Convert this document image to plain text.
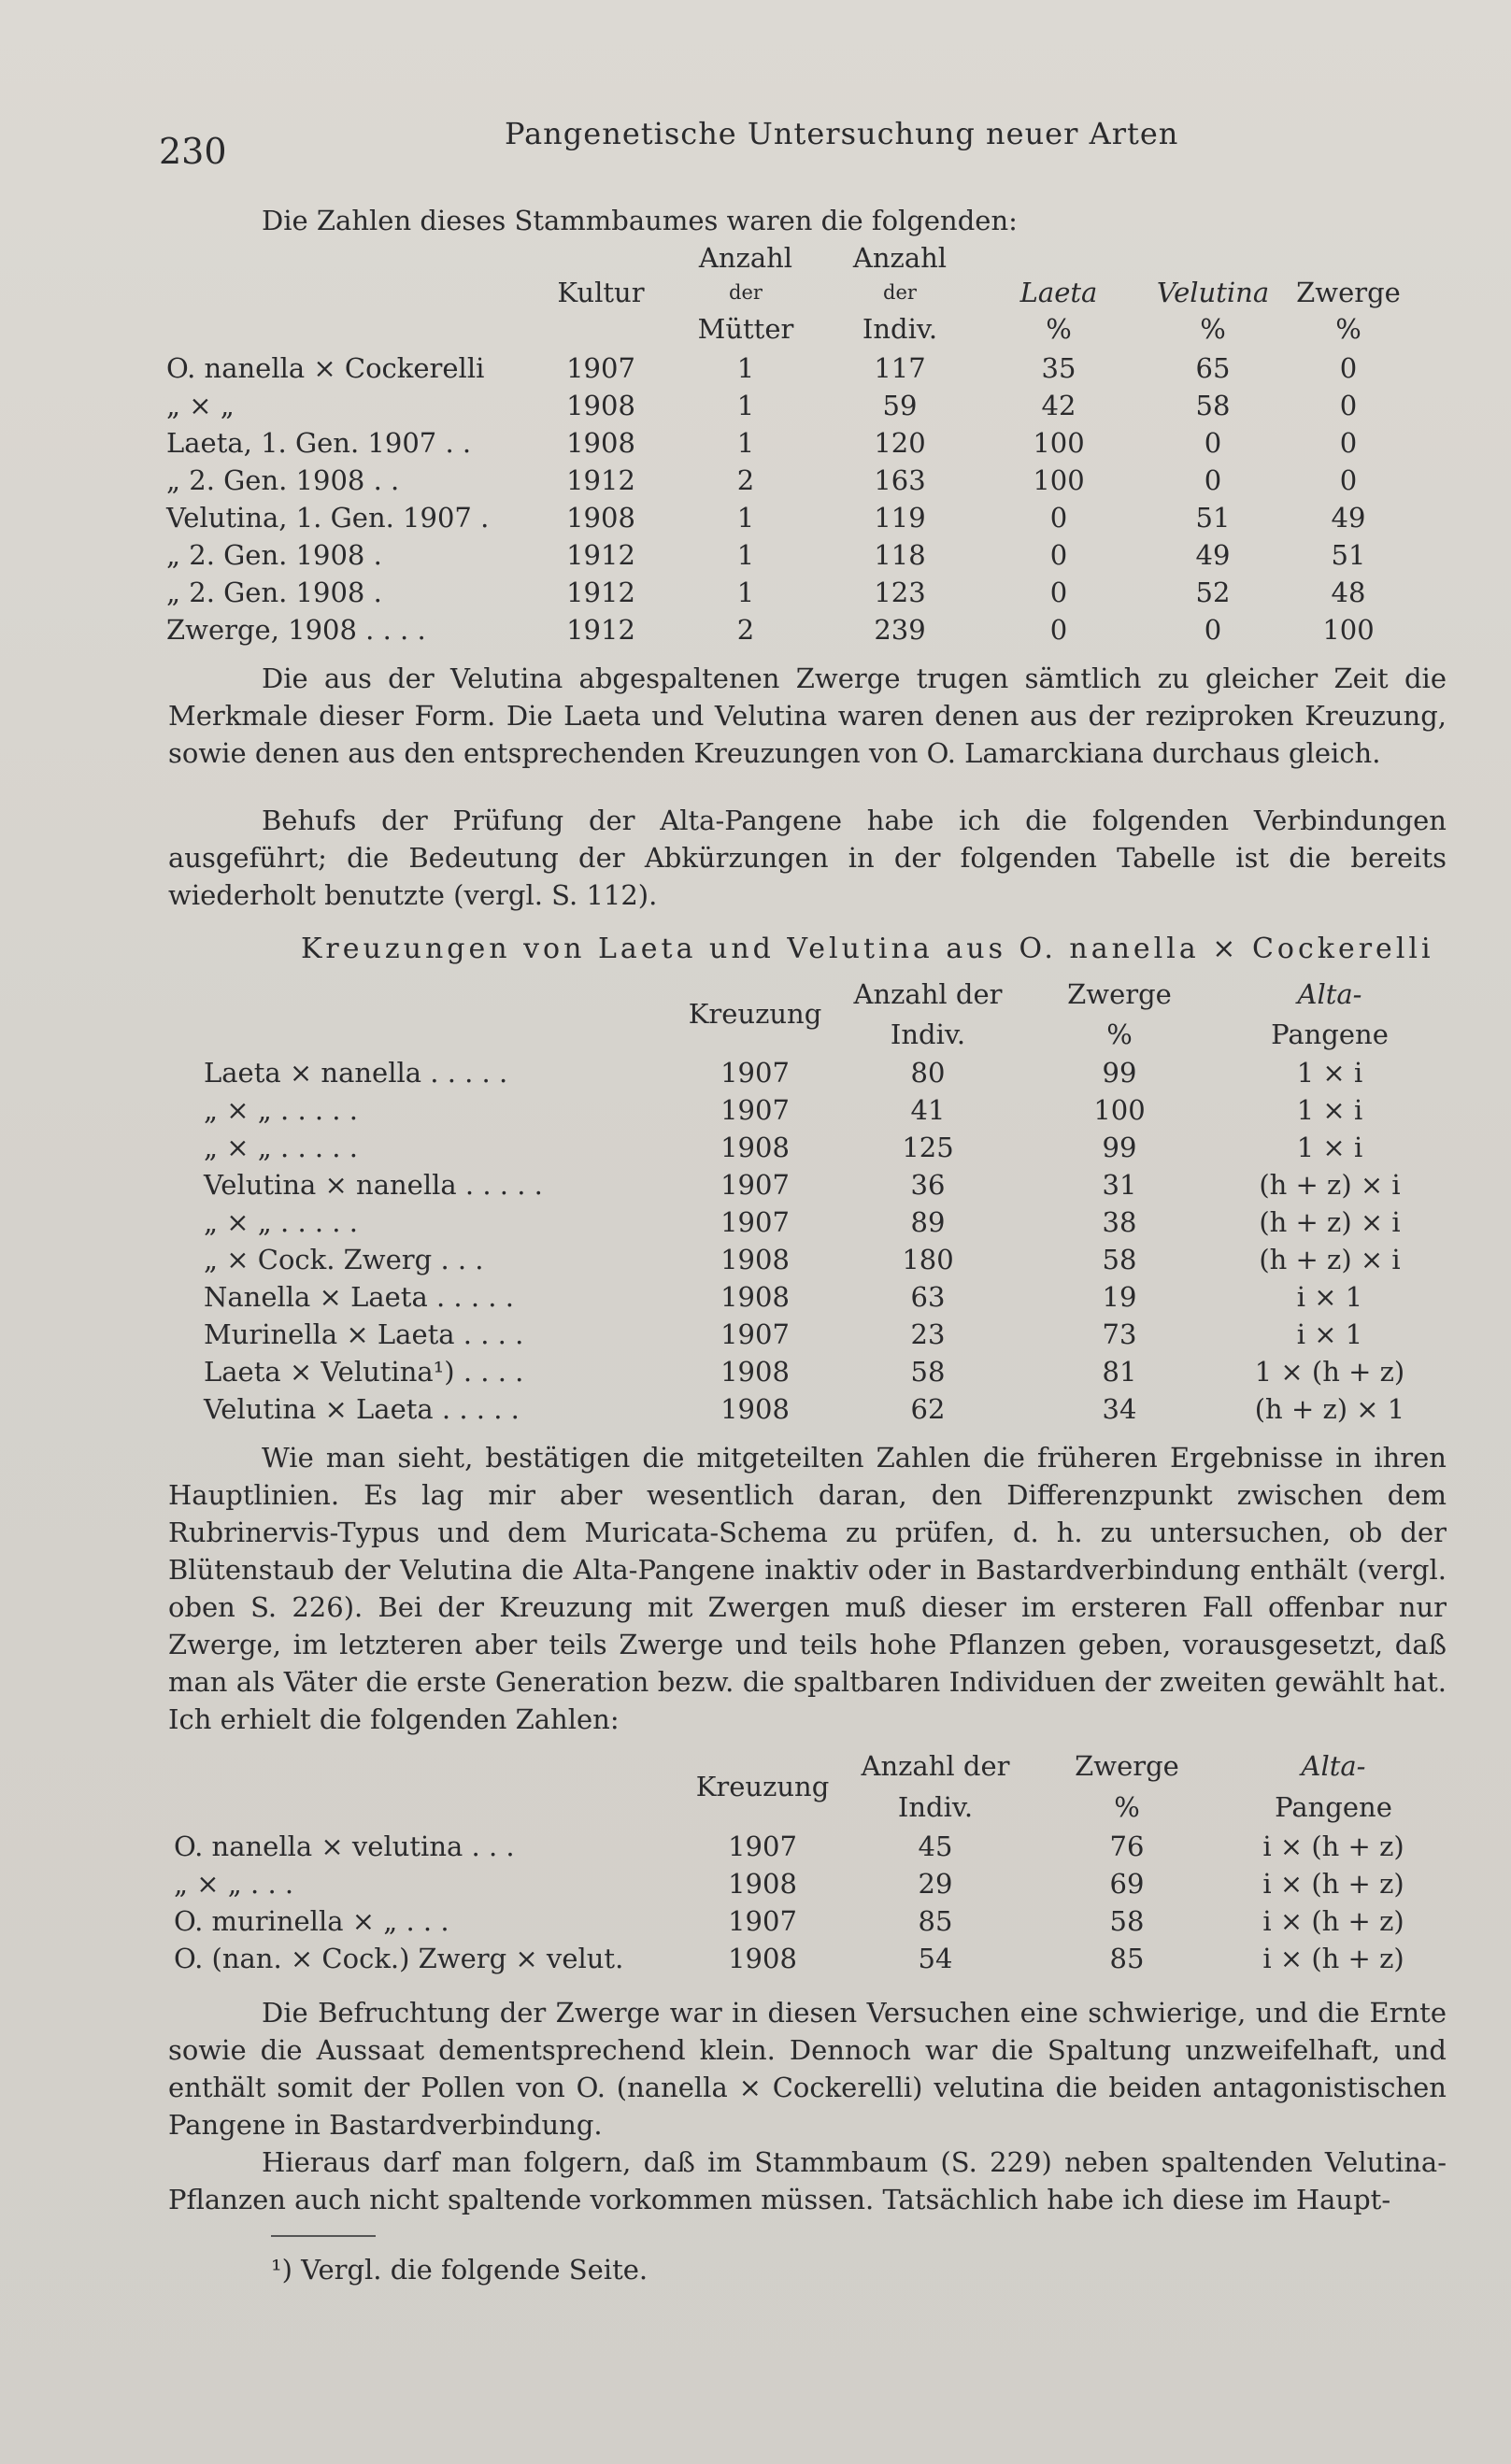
230	Pangenetische Untersuchung neuer Arten
Die Zahlen dieses Stammbaumes waren die folgenden:
		Anzahl	Anzahl			
	Kultur	der	der	Laeta	Velutina	Zwerge
		Mütter	Indiv.	%	%	%
O. nanella × Cockerelli	1907	1	117	35	65	0
„ × „	1908	1	59	42	58	0
Laeta, 1. Gen. 1907 . .	1908	1	120	100	0	0
„ 2. Gen. 1908 . .	1912	2	163	100	0	0
Velutina, 1. Gen. 1907 .	1908	1	119	0	51	49
„ 2. Gen. 1908 .	1912	1	118	0	49	51
„ 2. Gen. 1908 .	1912	1	123	0	52	48
Zwerge, 1908 . . . .	1912	2	239	0	0	100
Die aus der Velutina abgespaltenen Zwerge trugen sämtlich zu gleicher Zeit die Merkmale dieser Form. Die Laeta und Velutina waren denen aus der reziproken Kreuzung, sowie denen aus den entsprechenden Kreuzungen von O. Lamarckiana durchaus gleich.
Behufs der Prüfung der Alta-Pangene habe ich die folgenden Verbindungen ausgeführt; die Bedeutung der Abkürzungen in der folgenden Tabelle ist die bereits wiederholt benutzte (vergl. S. 112).
Kreuzungen von Laeta und Velutina aus O. nanella × Cockerelli
	Kreuzung	Anzahl der	Zwerge	Alta-
		Indiv.	%	Pangene
Laeta × nanella . . . . .	1907	80	99	1 × i
„ × „ . . . . .	1907	41	100	1 × i
„ × „ . . . . .	1908	125	99	1 × i
Velutina × nanella . . . . .	1907	36	31	(h + z) × i
„ × „ . . . . .	1907	89	38	(h + z) × i
„ × Cock. Zwerg . . .	1908	180	58	(h + z) × i
Nanella × Laeta . . . . .	1908	63	19	i × 1
Murinella × Laeta . . . .	1907	23	73	i × 1
Laeta × Velutina¹) . . . .	1908	58	81	1 × (h + z)
Velutina × Laeta . . . . .	1908	62	34	(h + z) × 1
Wie man sieht, bestätigen die mitgeteilten Zahlen die früheren Ergebnisse in ihren Hauptlinien. Es lag mir aber wesentlich daran, den Differenzpunkt zwischen dem Rubrinervis-Typus und dem Muricata-Schema zu prüfen, d. h. zu untersuchen, ob der Blütenstaub der Velutina die Alta-Pangene inaktiv oder in Bastardverbindung enthält (vergl. oben S. 226). Bei der Kreuzung mit Zwergen muß dieser im ersteren Fall offenbar nur Zwerge, im letzteren aber teils Zwerge und teils hohe Pflanzen geben, vorausgesetzt, daß man als Väter die erste Generation bezw. die spaltbaren Individuen der zweiten gewählt hat. Ich erhielt die folgenden Zahlen:
	Kreuzung	Anzahl der	Zwerge	Alta-
		Indiv.	%	Pangene
O. nanella × velutina . . .	1907	45	76	i × (h + z)
„ × „ . . .	1908	29	69	i × (h + z)
O. murinella × „ . . .	1907	85	58	i × (h + z)
O. (nan. × Cock.) Zwerg × velut.	1908	54	85	i × (h + z)
Die Befruchtung der Zwerge war in diesen Versuchen eine schwierige, und die Ernte sowie die Aussaat dementsprechend klein. Dennoch war die Spaltung unzweifelhaft, und enthält somit der Pollen von O. (nanella × Cockerelli) velutina die beiden antagonistischen Pangene in Bastardverbindung.
Hieraus darf man folgern, daß im Stammbaum (S. 229) neben spaltenden Velutina-Pflanzen auch nicht spaltende vorkommen müssen. Tatsächlich habe ich diese im Haupt-
¹) Vergl. die folgende Seite.
